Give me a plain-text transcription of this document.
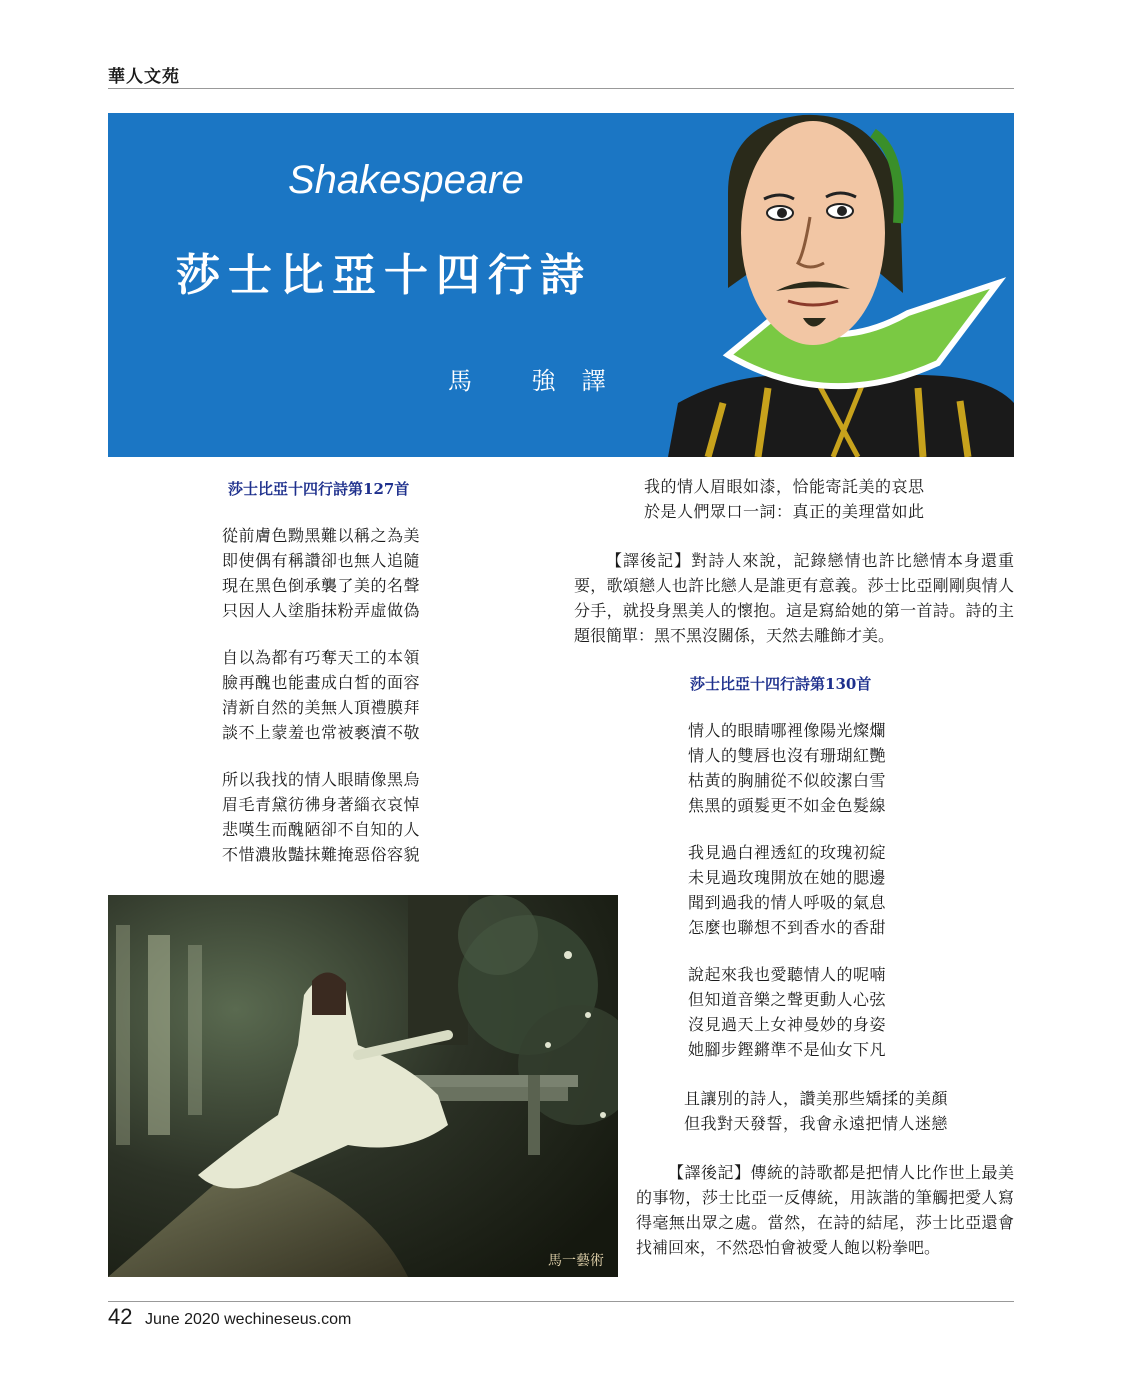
華人文苑
Shakespeare
莎士比亞十四行詩
馬 強譯
莎士比亞十四行詩第127首
從前膚色黝黑難以稱之為美
即使偶有稱讚卻也無人追隨
現在黑色倒承襲了美的名聲
只因人人塗脂抹粉弄虛做偽
自以為都有巧奪天工的本領
臉再醜也能畫成白皙的面容
清新自然的美無人頂禮膜拜
談不上蒙羞也常被褻瀆不敬
所以我找的情人眼睛像黑烏
眉毛青黛彷彿身著緇衣哀悼
悲嘆生而醜陋卻不自知的人
不惜濃妝豔抹難掩惡俗容貌
我的情人眉眼如漆，恰能寄託美的哀思
於是人們眾口一詞：真正的美理當如此
【譯後記】對詩人來說，記錄戀情也許比戀情本身還重要，歌頌戀人也許比戀人是誰更有意義。莎士比亞剛剛與情人分手，就投身黑美人的懷抱。這是寫給她的第一首詩。詩的主題很簡單：黑不黑沒關係，天然去雕飾才美。
莎士比亞十四行詩第130首
情人的眼睛哪裡像陽光燦爛
情人的雙唇也沒有珊瑚紅艷
枯黃的胸脯從不似皎潔白雪
焦黑的頭髮更不如金色髮線
我見過白裡透紅的玫瑰初綻
未見過玫瑰開放在她的腮邊
聞到過我的情人呼吸的氣息
怎麼也聯想不到香水的香甜
說起來我也愛聽情人的呢喃
但知道音樂之聲更動人心弦
沒見過天上女神曼妙的身姿
她腳步鏗鏘準不是仙女下凡
且讓別的詩人，讚美那些矯揉的美顏
但我對天發誓，我會永遠把情人迷戀
【譯後記】傳統的詩歌都是把情人比作世上最美的事物，莎士比亞一反傳統，用詼諧的筆觸把愛人寫得毫無出眾之處。當然，在詩的結尾，莎士比亞還會找補回來，不然恐怕會被愛人飽以粉拳吧。
馬一藝術
42 June 2020 wechineseus.com
